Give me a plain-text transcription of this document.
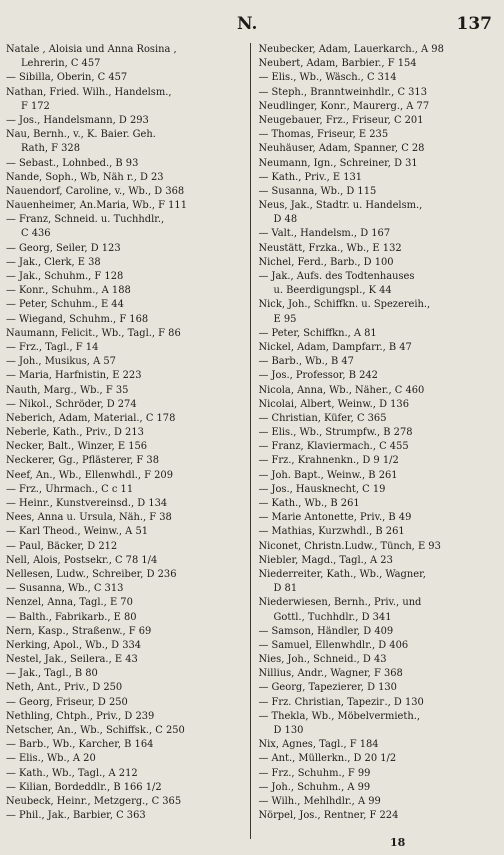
N.	137
Natale , Aloisia und Anna Rosina ,
Lehrerin, C 457
— Sibilla, Oberin, C 457
Nathan, Fried. Wilh., Handelsm.,
F 172
— Jos., Handelsmann, D 293
Nau, Bernh., v., K. Baier. Geh.
Rath, F 328
— Sebast., Lohnbed., B 93
Nande, Soph., Wb, Näh r., D 23
Nauendorf, Caroline, v., Wb., D 368
Nauenheimer, An.Maria, Wb., F 111
— Franz, Schneid. u. Tuchhdlr.,
C 436
— Georg, Seiler, D 123
— Jak., Clerk, E 38
— Jak., Schuhm., F 128
— Konr., Schuhm., A 188
— Peter, Schuhm., E 44
— Wiegand, Schuhm., F 168
Naumann, Felicit., Wb., Tagl., F 86
— Frz., Tagl., F 14
— Joh., Musikus, A 57
— Maria, Harfnistin, E 223
Nauth, Marg., Wb., F 35
— Nikol., Schröder, D 274
Neberich, Adam, Material., C 178
Neberle, Kath., Priv., D 213
Necker, Balt., Winzer, E 156
Neckerer, Gg., Pflästerer, F 38
Neef, An., Wb., Ellenwhdl., F 209
— Frz., Uhrmach., C c 11
— Heinr., Kunstvereinsd., D 134
Nees, Anna u. Ursula, Näh., F 38
— Karl Theod., Weinw., A 51
— Paul, Bäcker, D 212
Nell, Alois, Postsekr., C 78 1/4
Nellesen, Ludw., Schreiber, D 236
— Susanna, Wb., C 313
Nenzel, Anna, Tagl., E 70
— Balth., Fabrikarb., E 80
Nern, Kasp., Straßenw., F 69
Nerking, Apol., Wb., D 334
Nestel, Jak., Seilera., E 43
— Jak., Tagl., B 80
Neth, Ant., Priv., D 250
— Georg, Friseur, D 250
Nethling, Chtph., Priv., D 239
Netscher, An., Wb., Schiffsk., C 250
— Barb., Wb., Karcher, B 164
— Elis., Wb., A 20
— Kath., Wb., Tagl., A 212
— Kilian, Bordeddlr., B 166 1/2
Neubeck, Heinr., Metzgerg., C 365
— Phil., Jak., Barbier, C 363
Neubecker, Adam, Lauerkarch., A 98
Neubert, Adam, Barbier., F 154
— Elis., Wb., Wäsch., C 314
— Steph., Branntweinhdlr., C 313
Neudlinger, Konr., Maurerg., A 77
Neugebauer, Frz., Friseur, C 201
— Thomas, Friseur, E 235
Neuhäuser, Adam, Spanner, C 28
Neumann, Ign., Schreiner, D 31
— Kath., Priv., E 131
— Susanna, Wb., D 115
Neus, Jak., Stadtr. u. Handelsm.,
D 48
— Valt., Handelsm., D 167
Neustätt, Frzka., Wb., E 132
Nichel, Ferd., Barb., D 100
— Jak., Aufs. des Todtenhauses
u. Beerdigungspl., K 44
Nick, Joh., Schiffkn. u. Spezereih.,
E 95
— Peter, Schiffkn., A 81
Nickel, Adam, Dampfarr., B 47
— Barb., Wb., B 47
— Jos., Professor, B 242
Nicola, Anna, Wb., Näher., C 460
Nicolai, Albert, Weinw., D 136
— Christian, Küfer, C 365
— Elis., Wb., Strumpfw., B 278
— Franz, Klaviermach., C 455
— Frz., Krahnenkn., D 9 1/2
— Joh. Bapt., Weinw., B 261
— Jos., Hausknecht, C 19
— Kath., Wb., B 261
— Marie Antonette, Priv., B 49
— Mathias, Kurzwhdl., B 261
Niconet, Christn.Ludw., Tünch, E 93
Niebler, Magd., Tagl., A 23
Niederreiter, Kath., Wb., Wagner,
D 81
Niederwiesen, Bernh., Priv., und
Gottl., Tuchhdlr., D 341
— Samson, Händler, D 409
— Samuel, Ellenwhdlr., D 406
Nies, Joh., Schneid., D 43
Nillius, Andr., Wagner, F 368
— Georg, Tapezierer, D 130
— Frz. Christian, Tapeziг., D 130
— Thekla, Wb., Möbelvermieth.,
D 130
Nix, Agnes, Tagl., F 184
— Ant., Müllerkn., D 20 1/2
— Frz., Schuhm., F 99
— Joh., Schuhm., A 99
— Wilh., Mehlhdlr., A 99
Nörpel, Jos., Rentner, F 224
18
